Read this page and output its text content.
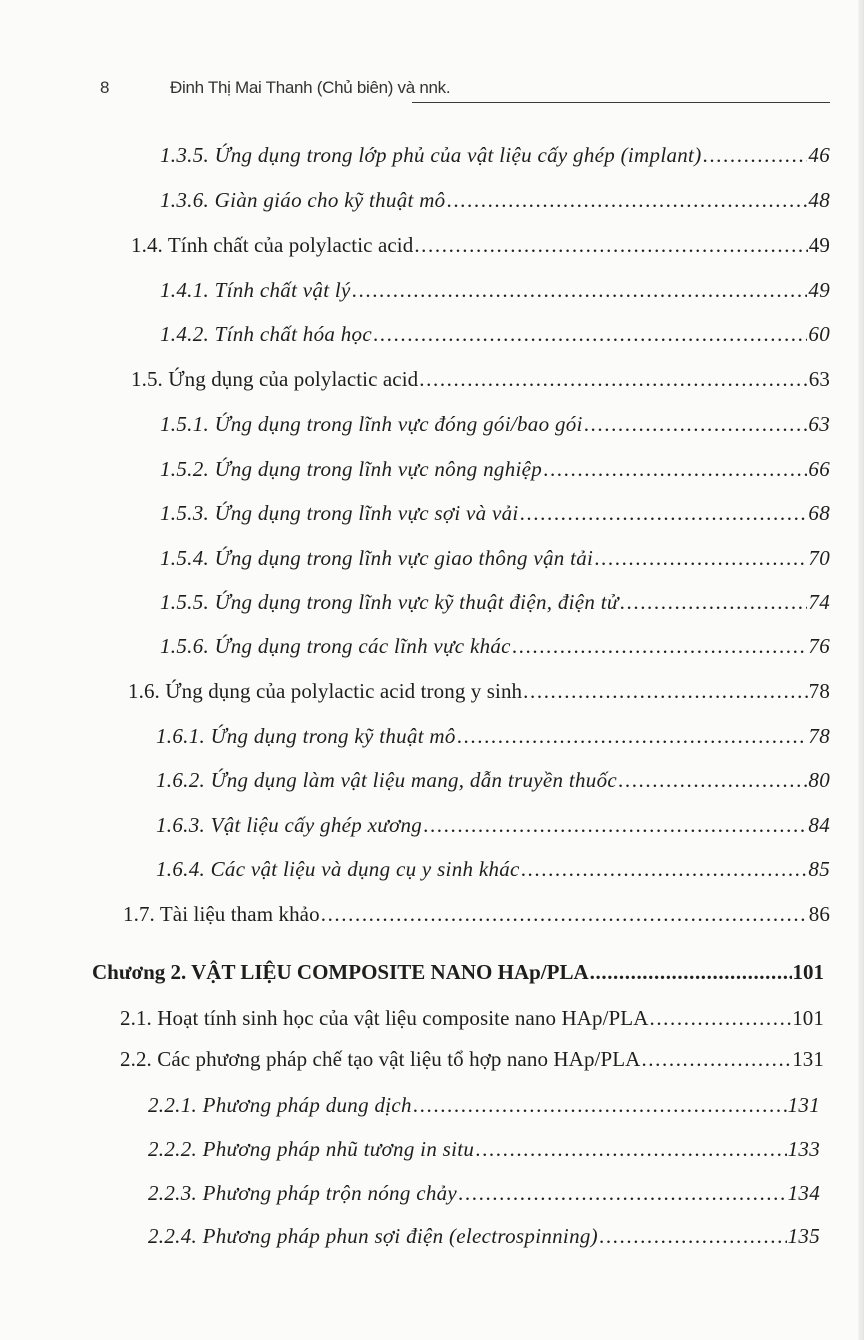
8	Đinh Thị Mai Thanh (Chủ biên) và nnk.
1.3.5. Ứng dụng trong lớp phủ của vật liệu cấy ghép (implant) .....	46
1.3.6. Giàn giáo cho kỹ thuật mô .....	48
1.4. Tính chất của polylactic acid .....	49
1.4.1. Tính chất vật lý .....	49
1.4.2. Tính chất hóa học .....	60
1.5. Ứng dụng của polylactic acid .....	63
1.5.1. Ứng dụng trong lĩnh vực đóng gói/bao gói .....	63
1.5.2. Ứng dụng trong lĩnh vực nông nghiệp .....	66
1.5.3. Ứng dụng trong lĩnh vực sợi và vải .....	68
1.5.4. Ứng dụng trong lĩnh vực giao thông vận tải .....	70
1.5.5. Ứng dụng trong lĩnh vực kỹ thuật điện, điện tử .....	74
1.5.6. Ứng dụng trong các lĩnh vực khác .....	76
1.6. Ứng dụng của polylactic acid trong y sinh .....	78
1.6.1. Ứng dụng trong kỹ thuật mô .....	78
1.6.2. Ứng dụng làm vật liệu mang, dẫn truyền thuốc .....	80
1.6.3. Vật liệu cấy ghép xương .....	84
1.6.4. Các vật liệu và dụng cụ y sinh khác .....	85
1.7. Tài liệu tham khảo .....	86
Chương 2. VẬT LIỆU COMPOSITE NANO HAp/PLA .....	101
2.1. Hoạt tính sinh học của vật liệu composite nano HAp/PLA .....	101
2.2. Các phương pháp chế tạo vật liệu tổ hợp nano HAp/PLA .....	131
2.2.1. Phương pháp dung dịch .....	131
2.2.2. Phương pháp nhũ tương in situ .....	133
2.2.3. Phương pháp trộn nóng chảy .....	134
2.2.4. Phương pháp phun sợi điện (electrospinning) .....	135
